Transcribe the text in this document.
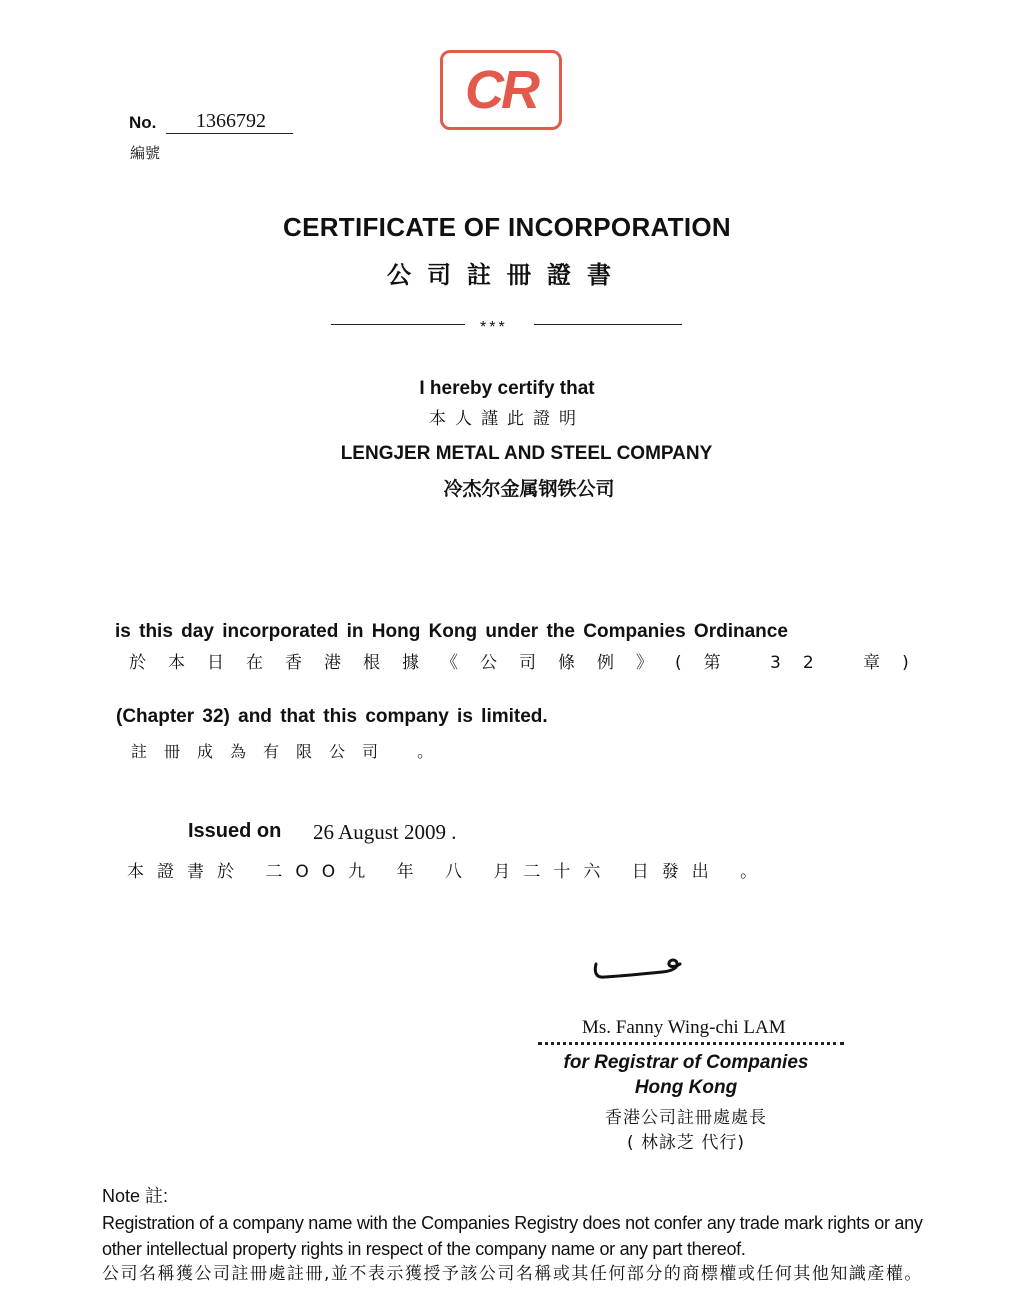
CR
No.	1366792
編號
CERTIFICATE OF INCORPORATION
公司註冊證書
***
I hereby certify that
本人謹此證明
LENGJER METAL AND STEEL COMPANY
冷杰尔金属钢铁公司
is this day incorporated in Hong Kong under the Companies Ordinance
於本日在香港根據《公司條例》(第 32 章)
(Chapter 32) and that this company is limited.
註冊成為有限公司 。
Issued on 26 August 2009 .
本證書於 二OO九 年 八 月二十六 日發出 。
Ms. Fanny Wing-chi LAM
for Registrar of Companies
Hong Kong
香港公司註冊處處長
( 林詠芝 代行)
Note 註:
Registration of a company name with the Companies Registry does not confer any trade mark rights or any other intellectual property rights in respect of the company name or any part thereof.
公司名稱獲公司註冊處註冊,並不表示獲授予該公司名稱或其任何部分的商標權或任何其他知識產權。
